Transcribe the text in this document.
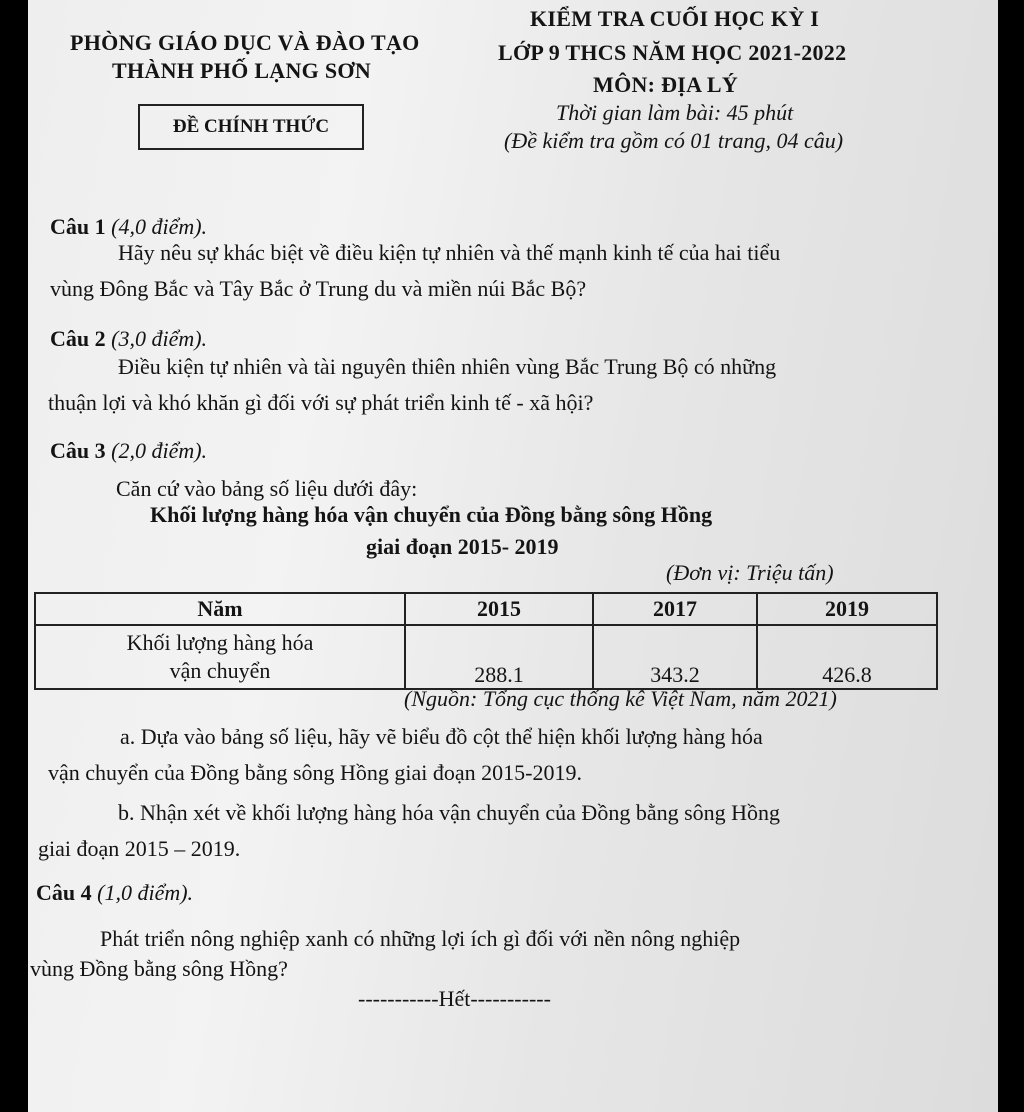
PHÒNG GIÁO DỤC VÀ ĐÀO TẠO
THÀNH PHỐ LẠNG SƠN
ĐỀ CHÍNH THỨC
KIỂM TRA CUỐI HỌC KỲ I
LỚP 9 THCS NĂM HỌC 2021-2022
MÔN: ĐỊA LÝ
Thời gian làm bài: 45 phút
(Đề kiểm tra gồm có 01 trang, 04 câu)
Câu 1 (4,0 điểm).
Hãy nêu sự khác biệt về điều kiện tự nhiên và thế mạnh kinh tế của hai tiểu
vùng Đông Bắc và Tây Bắc ở Trung du và miền núi Bắc Bộ?
Câu 2 (3,0 điểm).
Điều kiện tự nhiên và tài nguyên thiên nhiên vùng Bắc Trung Bộ có những
thuận lợi và khó khăn gì đối với sự phát triển kinh tế - xã hội?
Câu 3 (2,0 điểm).
Căn cứ vào bảng số liệu dưới đây:
Khối lượng hàng hóa vận chuyển của Đồng bằng sông Hồng
giai đoạn 2015- 2019
(Đơn vị: Triệu tấn)
Năm	2015	2017	2019

Khối lượng hàng hóa
vận chuyển	288.1	343.2	426.8
(Nguồn: Tổng cục thống kê Việt Nam, năm 2021)
a. Dựa vào bảng số liệu, hãy vẽ biểu đồ cột thể hiện khối lượng hàng hóa
vận chuyển của Đồng bằng sông Hồng giai đoạn 2015-2019.
b. Nhận xét về khối lượng hàng hóa vận chuyển của Đồng bằng sông Hồng
giai đoạn 2015 – 2019.
Câu 4 (1,0 điểm).
Phát triển nông nghiệp xanh có những lợi ích gì đối với nền nông nghiệp
vùng Đồng bằng sông Hồng?
-----------Hết-----------
